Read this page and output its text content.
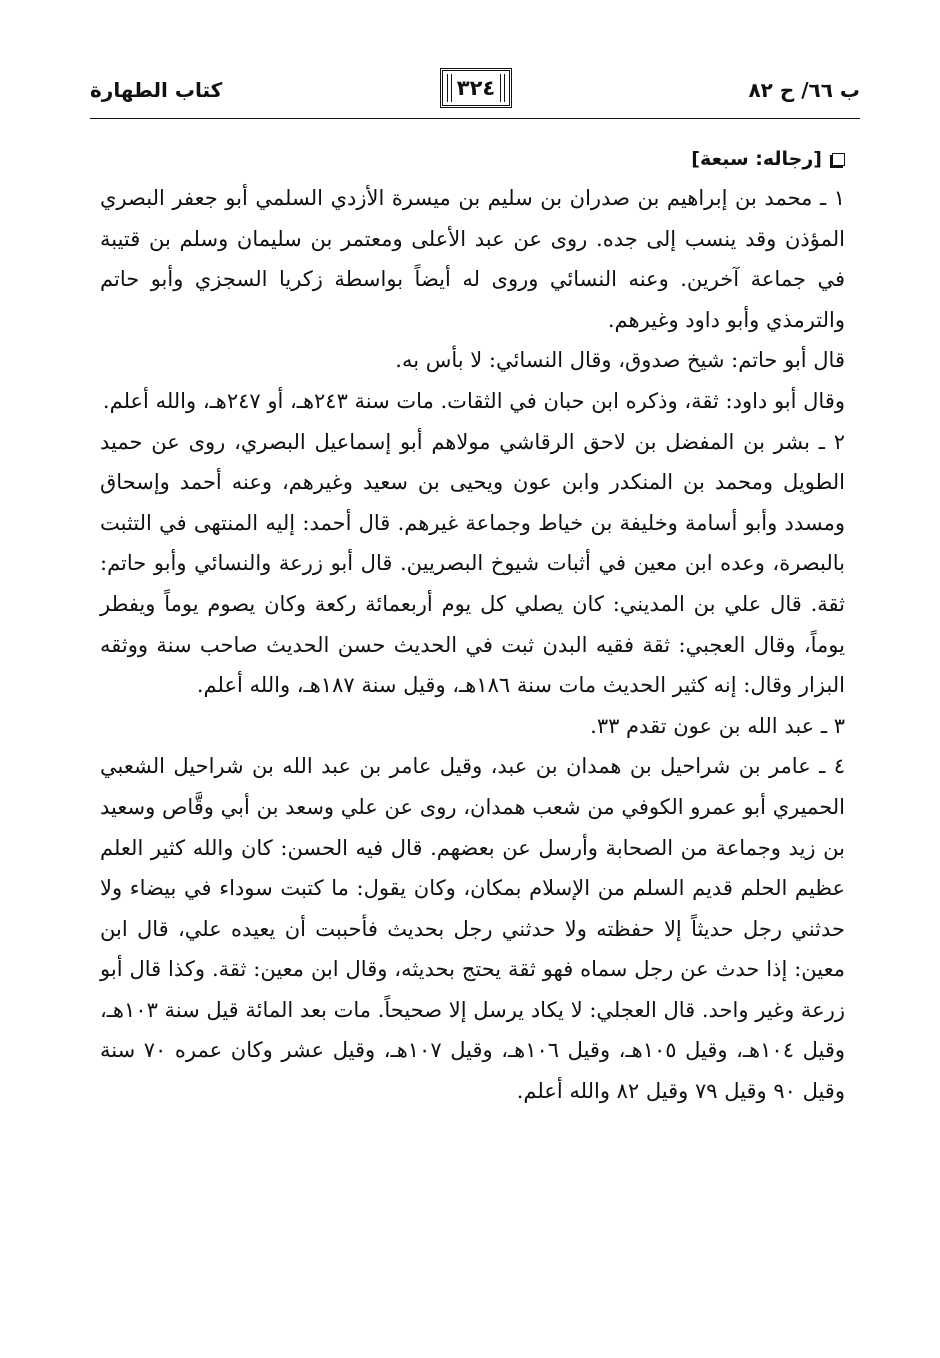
ب ٦٦/ ح ٨٢
٣٢٤
كتاب الطهارة
[رجاله: سبعة]

١ ـ محمد بن إبراهيم بن صدران بن سليم بن ميسرة الأزدي السلمي أبو جعفر البصري المؤذن وقد ينسب إلى جده. روى عن عبد الأعلى ومعتمر بن سليمان وسلم بن قتيبة في جماعة آخرين. وعنه النسائي وروى له أيضاً بواسطة زكريا السجزي وأبو حاتم والترمذي وأبو داود وغيرهم.

قال أبو حاتم: شيخ صدوق، وقال النسائي: لا بأس به.

وقال أبو داود: ثقة، وذكره ابن حبان في الثقات. مات سنة ٢٤٣هـ، أو ٢٤٧هـ، والله أعلم.

٢ ـ بشر بن المفضل بن لاحق الرقاشي مولاهم أبو إسماعيل البصري، روى عن حميد الطويل ومحمد بن المنكدر وابن عون ويحيى بن سعيد وغيرهم، وعنه أحمد وإسحاق ومسدد وأبو أسامة وخليفة بن خياط وجماعة غيرهم. قال أحمد: إليه المنتهى في التثبت بالبصرة، وعده ابن معين في أثبات شيوخ البصريين. قال أبو زرعة والنسائي وأبو حاتم: ثقة. قال علي بن المديني: كان يصلي كل يوم أربعمائة ركعة وكان يصوم يوماً ويفطر يوماً، وقال العجبي: ثقة فقيه البدن ثبت في الحديث حسن الحديث صاحب سنة ووثقه البزار وقال: إنه كثير الحديث مات سنة ١٨٦هـ، وقيل سنة ١٨٧هـ، والله أعلم.

٣ ـ عبد الله بن عون تقدم ٣٣.

٤ ـ عامر بن شراحيل بن همدان بن عبد، وقيل عامر بن عبد الله بن شراحيل الشعبي الحميري أبو عمرو الكوفي من شعب همدان، روى عن علي وسعد بن أبي وقَّاص وسعيد بن زيد وجماعة من الصحابة وأرسل عن بعضهم. قال فيه الحسن: كان والله كثير العلم عظيم الحلم قديم السلم من الإسلام بمكان، وكان يقول: ما كتبت سوداء في بيضاء ولا حدثني رجل حديثاً إلا حفظته ولا حدثني رجل بحديث فأحببت أن يعيده علي، قال ابن معين: إذا حدث عن رجل سماه فهو ثقة يحتج بحديثه، وقال ابن معين: ثقة. وكذا قال أبو زرعة وغير واحد. قال العجلي: لا يكاد يرسل إلا صحيحاً. مات بعد المائة قيل سنة ١٠٣هـ، وقيل ١٠٤هـ، وقيل ١٠٥هـ، وقيل ١٠٦هـ، وقيل ١٠٧هـ، وقيل عشر وكان عمره ٧٠ سنة وقيل ٩٠ وقيل ٧٩ وقيل ٨٢ والله أعلم.
